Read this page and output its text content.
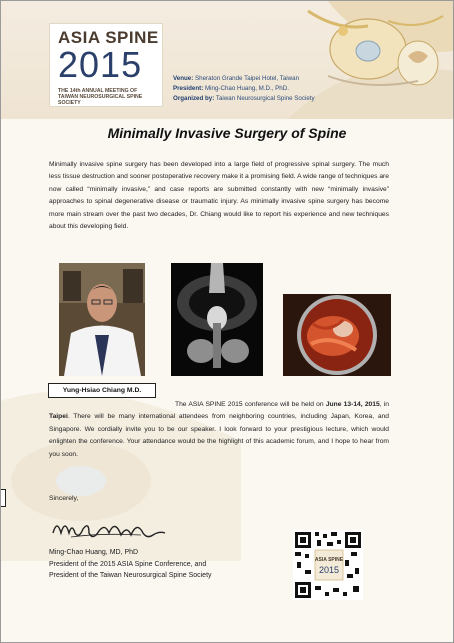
ASIA SPINE
2015
THE 14th ANNUAL MEETING OF
TAIWAN NEUROSURGICAL SPINE SOCIETY
Venue: Sheraton Grande Taipei Hotel, Taiwan
President: Ming-Chao Huang, M.D., PhD.
Organized by: Taiwan Neurosurgical Spine Society
Minimally Invasive Surgery of Spine
Minimally invasive spine surgery has been developed into a large field of progressive spinal surgery. The much less tissue destruction and sooner postoperative recovery make it a promising field. A wide range of techniques are now called “minimally invasive,” and case reports are submitted constantly with new “minimally invasive” approaches to spinal degenerative disease or traumatic injury. As minimally invasive spine surgery has become more main stream over the past two decades, Dr. Chiang would like to report his experience and new techniques about this developing field.
Yung-Hsiao Chiang M.D.
The ASIA SPINE 2015 conference will be held on June 13-14, 2015, in Taipei. There will be many international attendees from neighboring countries, including Japan, Korea, and Singapore. We cordially invite you to be our speaker. I look forward to your prestigious lecture, which would enlighten the conference. Your attendance would be the highlight of this academic forum, and I hope to hear from you soon.
Sincerely,
Ming-Chao Huang, MD, PhD
President of the 2015 ASIA Spine Conference, and
President of the Taiwan Neurosurgical Spine Society
ASIA SPINE
2015
